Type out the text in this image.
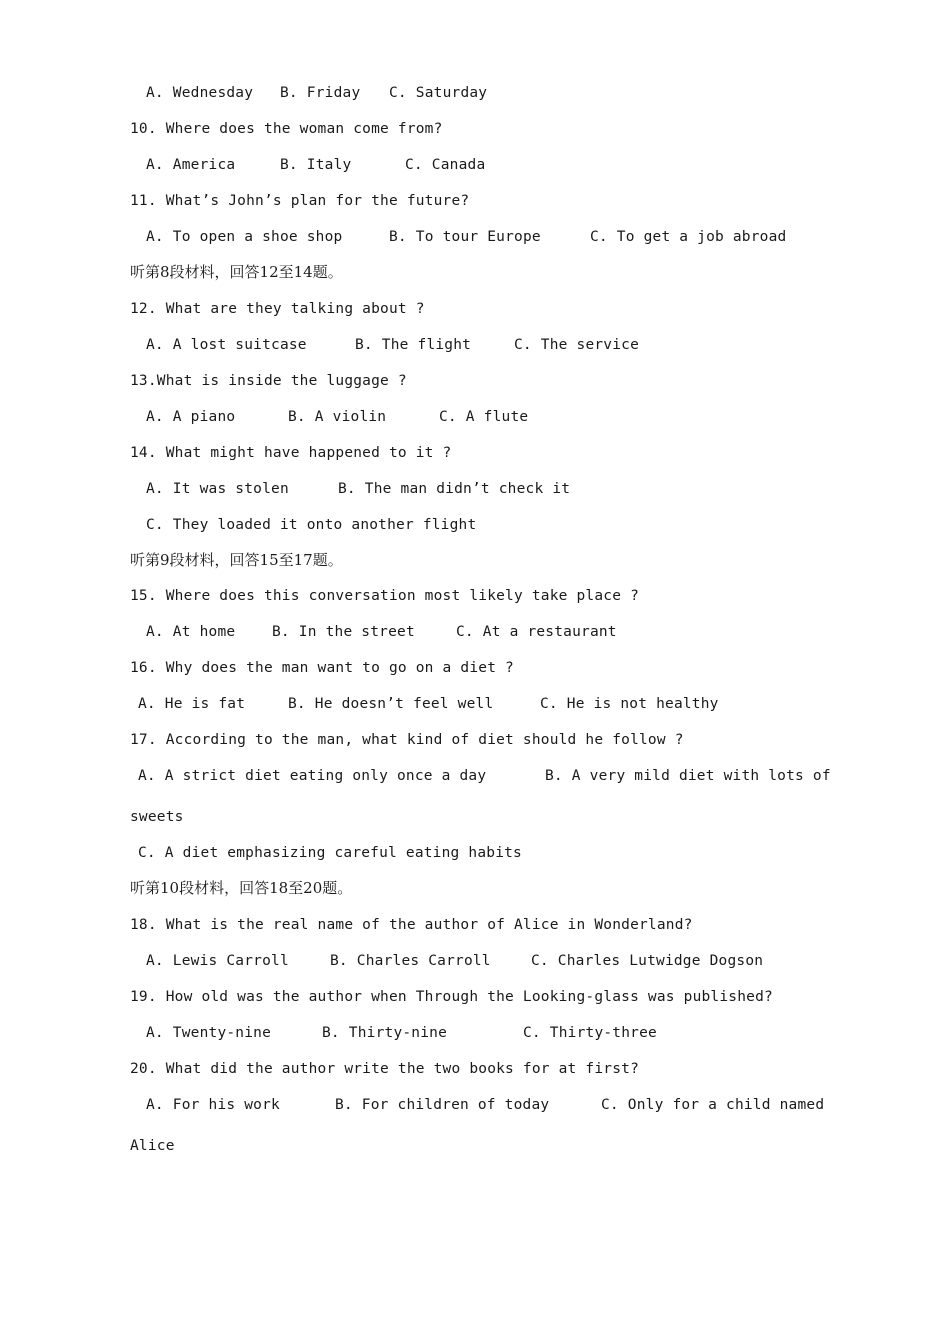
A. Wednesday B. Friday C. Saturday
10. Where does the woman come from?
A. America	B. Italy	C. Canada
11. What’s John’s plan for the future?
A. To open a shoe shop	B. To tour Europe	C. To get a job abroad
听第8段材料，回答12至14题。
12. What are they talking about ?
A. A lost suitcase	B. The flight	C. The service
13.What is inside the luggage ?
A. A piano	B. A violin	C. A flute
14. What might have happened to it ?
A. It was stolen	B. The man didn’t check it
C. They loaded it onto another flight
听第9段材料，回答15至17题。
15. Where does this conversation most likely take place ?
A. At home	B. In the street	C. At a restaurant
16. Why does the man want to go on a diet ?
A. He is fat	B. He doesn’t feel well	C. He is not healthy
17. According to the man, what kind of diet should he follow ?
A. A strict diet eating only once a day	B. A very mild diet with lots of
sweets
C. A diet emphasizing careful eating habits
听第10段材料，回答18至20题。
18. What is the real name of the author of Alice in Wonderland?
A. Lewis Carroll	B. Charles Carroll	C. Charles Lutwidge Dogson
19. How old was the author when Through the Looking-glass was published?
A. Twenty-nine	B. Thirty-nine	C. Thirty-three
20. What did the author write the two books for at first?
A. For his work	B. For children of today	C. Only for a child named
Alice
